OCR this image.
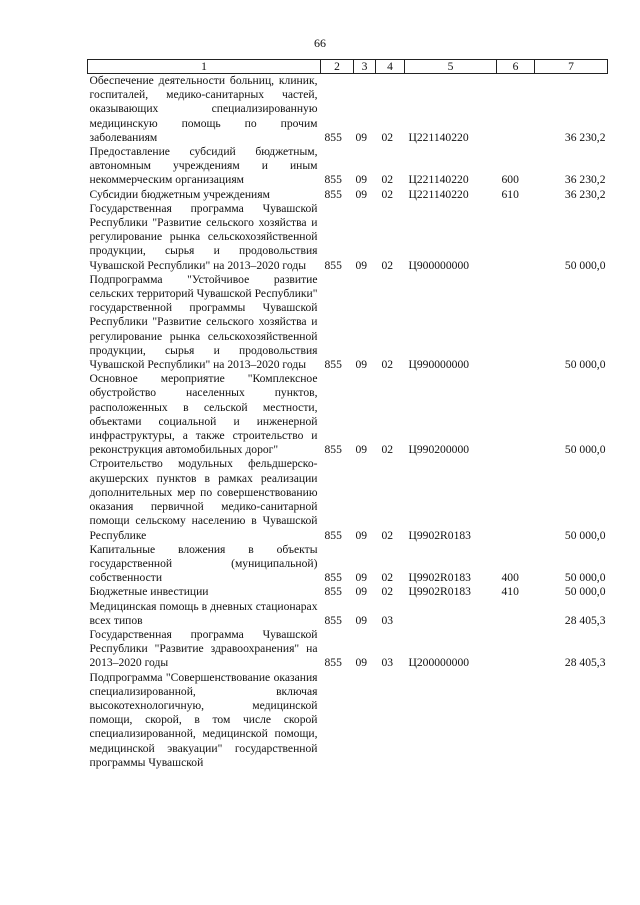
66
1	2	3	4	5	6	7
Обеспечение деятельности больниц, клиник, госпиталей, медико-санитарных частей, оказывающих специализированную медицинскую помощь по прочим заболеваниям	855	09	02	Ц221140220		36 230,2
Предоставление субсидий бюджетным, автономным учреждениям и иным некоммерческим организациям	855	09	02	Ц221140220	600	36 230,2
Субсидии бюджетным учреждениям	855	09	02	Ц221140220	610	36 230,2
Государственная программа Чувашской Республики "Развитие сельского хозяйства и регулирование рынка сельскохозяйственной продукции, сырья и продовольствия Чувашской Республики" на 2013–2020 годы	855	09	02	Ц900000000		50 000,0
Подпрограмма "Устойчивое развитие сельских территорий Чувашской Республики" государственной программы Чувашской Республики "Развитие сельского хозяйства и регулирование рынка сельскохозяйственной продукции, сырья и продовольствия Чувашской Республики" на 2013–2020 годы	855	09	02	Ц990000000		50 000,0
Основное мероприятие "Комплексное обустройство населенных пунктов, расположенных в сельской местности, объектами социальной и инженерной инфраструктуры, а также строительство и реконструкция автомобильных дорог"	855	09	02	Ц990200000		50 000,0
Строительство модульных фельдшерско-акушерских пунктов в рамках реализации дополнительных мер по совершенствованию оказания первичной медико-санитарной помощи сельскому населению в Чувашской Республике	855	09	02	Ц9902R0183		50 000,0
Капитальные вложения в объекты государственной (муниципальной) собственности	855	09	02	Ц9902R0183	400	50 000,0
Бюджетные инвестиции	855	09	02	Ц9902R0183	410	50 000,0
Медицинская помощь в дневных стационарах всех типов	855	09	03			28 405,3
Государственная программа Чувашской Республики "Развитие здравоохранения" на 2013–2020 годы	855	09	03	Ц200000000		28 405,3
Подпрограмма "Совершенствование оказания специализированной, включая высокотехнологичную, медицинской помощи, скорой, в том числе скорой специализированной, медицинской помощи, медицинской эвакуации" государственной программы Чувашской						
